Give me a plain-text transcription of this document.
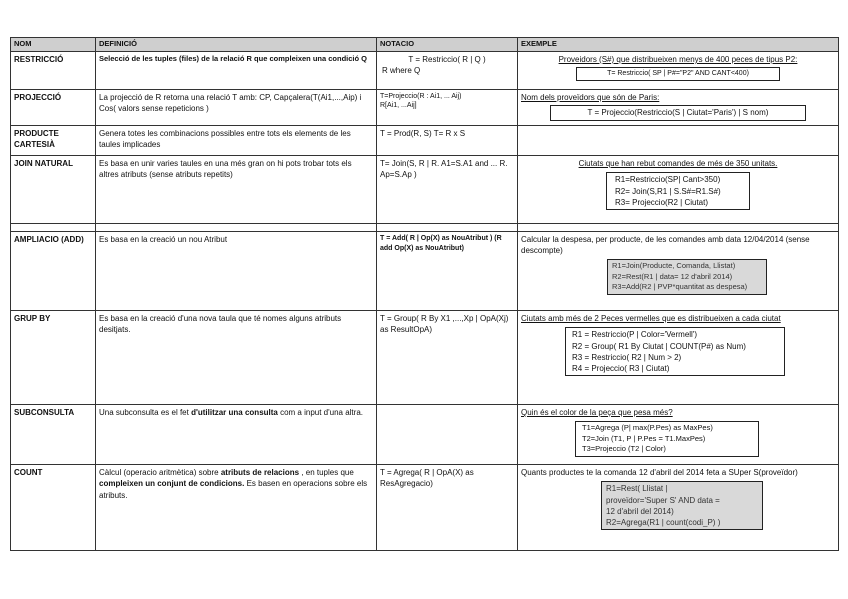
NOM	DEFINICIÓ	NOTACIO	EXEMPLE
RESTRICCIÓ	Selecció de les tuples (files) de la relació R que compleixen una condició Q	T = Restriccio( R | Q )
R where Q	Proveidors (S#) que distribueixen menys de 400 peces de tipus P2:
T= Restriccio( SP | P#="P2" AND CANT<400)

PROJECCIÓ	La projecció de R retorna una relació T amb: CP, Capçalera(T(Ai1,...,Aip) i Cos( valors sense repeticions )	T=Projeccio(R : Ai1, ... Aij)
R[Ai1, ...Aij]	Nom dels proveïdors que són de Paris:
T = Projeccio(Restriccio(S | Ciutat='Paris') | S nom)

PRODUCTE CARTESIÀ	Genera totes les combinacions possibles entre tots els elements de les taules implicades	T = Prod(R, S) T= R x S	
JOIN NATURAL	Es basa en unir varies taules en una més gran on hi pots trobar tots els altres atributs (sense atributs repetits)	T= Join(S, R | R. A1=S.A1 and ... R. Ap=S.Ap )	Ciutats que han rebut comandes de més de 350 unitats.
R1=Restriccio(SP| Cant>350)
R2= Join(S,R1 | S.S#=R1.S#)
R3= Projeccio(R2 | Ciutat)

AMPLIACIO (ADD)	Es basa en la creació un nou Atribut	T = Add( R | Op(X) as NouAtribut ) (R add Op(X) as NouAtribut)	Calcular la despesa, per producte, de les comandes amb data 12/04/2014 (sense descompte)
R1=Join(Producte, Comanda, Llistat)
R2=Rest(R1 | data= 12 d'abril 2014)
R3=Add(R2 | PVP*quantitat as despesa)

GRUP BY	Es basa en la creació d'una nova taula que té nomes alguns atributs desitjats.	T = Group( R By X1 ,...,Xp | OpA(Xj) as ResultOpA)	Ciutats amb més de 2 Peces vermelles que es distribueixen a cada ciutat
R1 = Restriccio(P | Color='Vermell')
R2 = Group( R1 By Ciutat | COUNT(P#) as Num)
R3 = Restriccio( R2 | Num > 2)
R4 = Projeccio( R3 | Ciutat)

SUBCONSULTA	Una subconsulta es el fet d'utilitzar una consulta com a input d'una altra.		Quin és el color de la peça que pesa més?
T1=Agrega (P| max(P.Pes) as MaxPes)
T2=Join (T1, P | P.Pes = T1.MaxPes)
T3=Projeccio (T2 | Color)

COUNT	Càlcul (operacio aritmètica) sobre atributs de relacions , en tuples que compleixen un conjunt de condicions. Es basen en operacions sobre els atributs.	T = Agrega( R | OpA(X) as ResAgregacio)	Quants productes te la comanda 12 d'abril del 2014 feta a SUper S(proveïdor)
R1=Rest( Llistat |
proveïdor='Super S' AND data =
12 d'abril del 2014)
R2=Agrega(R1 | count(codi_P) )
